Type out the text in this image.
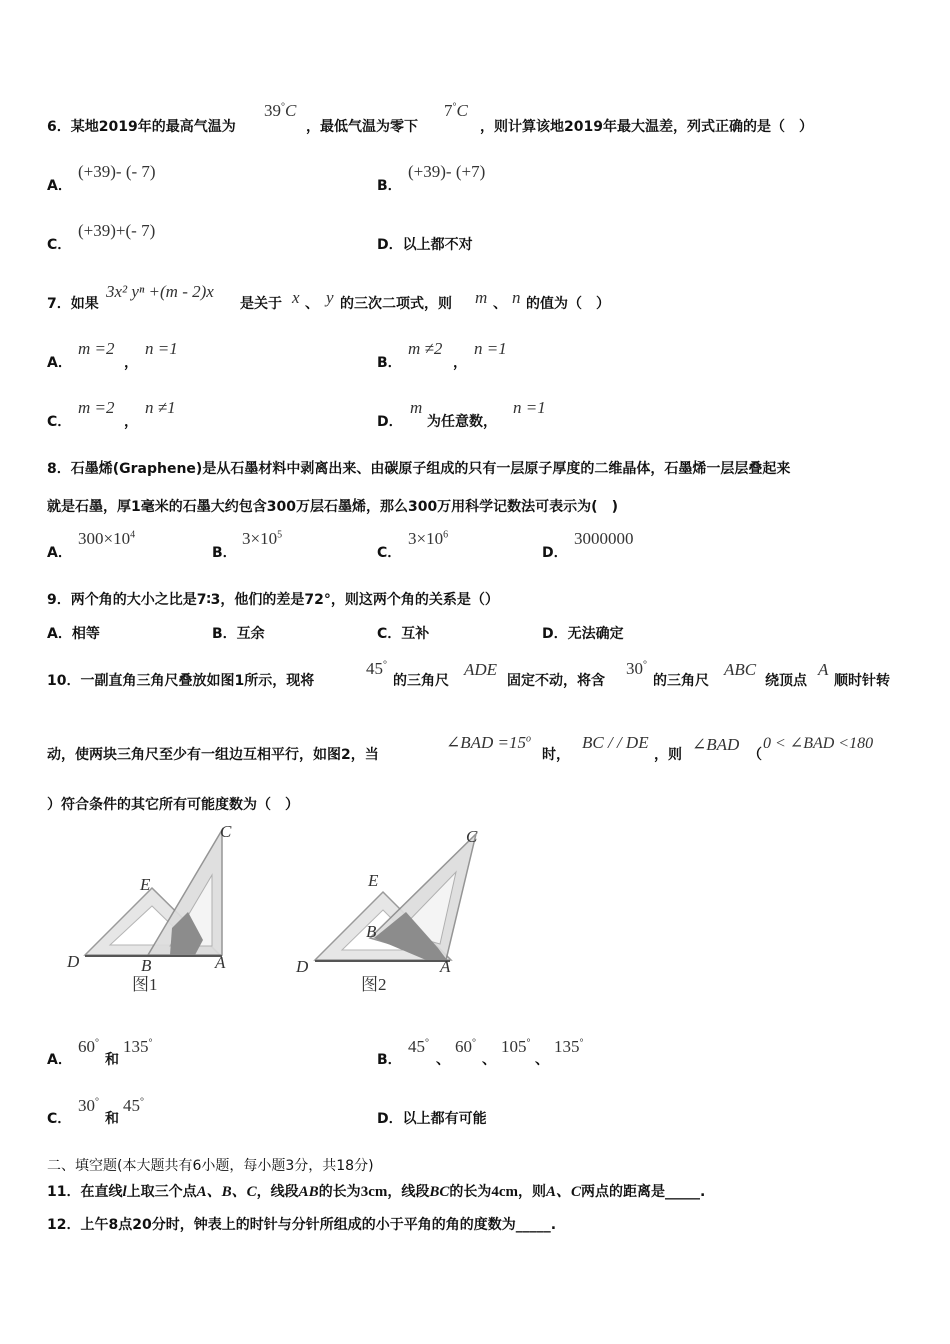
6．某地2019年的最高气温为
39°C
，最低气温为零下
7°C
，则计算该地2019年最大温差，列式正确的是（　）
A．
(+39)- (- 7)
B．
(+39)- (+7)
C．
(+39)+(- 7)
D．以上都不对
7．如果
3x² yⁿ +(m - 2)x
是关于 x 、 y 的三次二项式，则 m 、 n 的值为（　）
A．
m =2
，
n =1
B．
m ≠2
，
n =1
C．
m =2
，
n ≠1
D．
m
为任意数，
n =1
8．石墨烯(Graphene)是从石墨材料中剥离出来、由碳原子组成的只有一层原子厚度的二维晶体，石墨烯一层层叠起来
就是石墨，厚1毫米的石墨大约包含300万层石墨烯，那么300万用科学记数法可表示为(　)
A．
$300\times 10^4$
B．
$3\times 10^5$
C．
$3\times 10^6$
D．
3000000
9．两个角的大小之比是7∶3，他们的差是72°，则这两个角的关系是（）
A．相等	B．互余	C．互补	D．无法确定
10．一副直角三角尺叠放如图1所示，现将
45°
的三角尺
ADE
固定不动，将含
30°
的三角尺
ABC
绕顶点
A
顺时针转
动，使两块三角尺至少有一组边互相平行，如图2，当
∠BAD $=15^o$
时，
BC / / DE
，则
∠BAD
（
0 < ∠BAD <180
）符合条件的其它所有可能度数为（　）
C
E
D	B	A
图1
C
E
D
B
A
图2
A．
60°
和
135°
B．
45°
、
60°
、
105°
、
135°
C．
30°
和
45°
D．以上都有可能
二、填空题(本大题共有6小题，每小题3分，共18分)
11．在直线l上取三个点A、B、C，线段AB的长为3cm，线段BC的长为4cm，则A、C两点的距离是_____.
12．上午8点20分时，钟表上的时针与分针所组成的小于平角的角的度数为_____.
